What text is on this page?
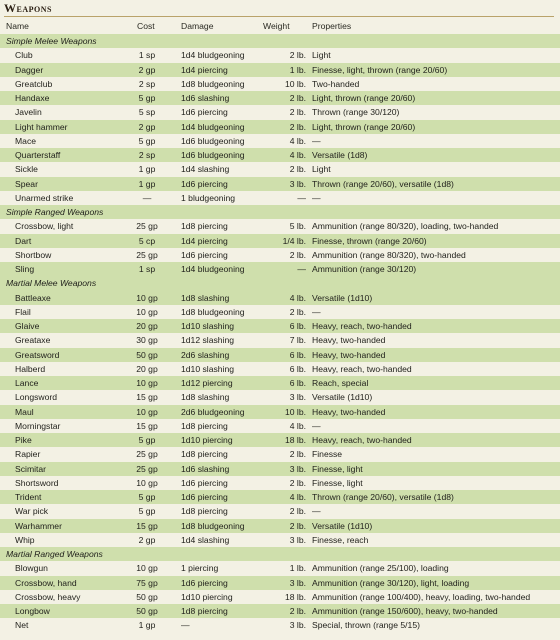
Weapons
Name	Cost	Damage	Weight	Properties
Simple Melee Weapons
Club	1 sp	1d4 bludgeoning	2 lb. Light
Dagger	2 gp	1d4 piercing	1 lb. Finesse, light, thrown (range 20/60)
Greatclub	2 sp	1d8 bludgeoning	10 lb. Two-handed
Handaxe	5 gp	1d6 slashing	2 lb. Light, thrown (range 20/60)
Javelin	5 sp	1d6 piercing	2 lb. Thrown (range 30/120)
Light hammer	2 gp	1d4 bludgeoning	2 lb. Light, thrown (range 20/60)
Mace	5 gp	1d6 bludgeoning	4 lb. —
Quarterstaff	2 sp	1d6 bludgeoning	4 lb. Versatile (1d8)
Sickle	1 gp	1d4 slashing	2 lb. Light
Spear	1 gp	1d6 piercing	3 lb. Thrown (range 20/60), versatile (1d8)
Unarmed strike	—	1 bludgeoning	— —
Simple Ranged Weapons
Crossbow, light	25 gp	1d8 piercing	5 lb. Ammunition (range 80/320), loading, two-handed
Dart	5 cp	1d4 piercing	1/4 lb. Finesse, thrown (range 20/60)
Shortbow	25 gp	1d6 piercing	2 lb. Ammunition (range 80/320), two-handed
Sling	1 sp	1d4 bludgeoning	— Ammunition (range 30/120)
Martial Melee Weapons
Battleaxe	10 gp	1d8 slashing	4 lb. Versatile (1d10)
Flail	10 gp	1d8 bludgeoning	2 lb. —
Glaive	20 gp	1d10 slashing	6 lb. Heavy, reach, two-handed
Greataxe	30 gp	1d12 slashing	7 lb. Heavy, two-handed
Greatsword	50 gp	2d6 slashing	6 lb. Heavy, two-handed
Halberd	20 gp	1d10 slashing	6 lb. Heavy, reach, two-handed
Lance	10 gp	1d12 piercing	6 lb. Reach, special
Longsword	15 gp	1d8 slashing	3 lb. Versatile (1d10)
Maul	10 gp	2d6 bludgeoning	10 lb. Heavy, two-handed
Morningstar	15 gp	1d8 piercing	4 lb. —
Pike	5 gp	1d10 piercing	18 lb. Heavy, reach, two-handed
Rapier	25 gp	1d8 piercing	2 lb. Finesse
Scimitar	25 gp	1d6 slashing	3 lb. Finesse, light
Shortsword	10 gp	1d6 piercing	2 lb. Finesse, light
Trident	5 gp	1d6 piercing	4 lb. Thrown (range 20/60), versatile (1d8)
War pick	5 gp	1d8 piercing	2 lb. —
Warhammer	15 gp	1d8 bludgeoning	2 lb. Versatile (1d10)
Whip	2 gp	1d4 slashing	3 lb. Finesse, reach
Martial Ranged Weapons
Blowgun	10 gp	1 piercing	1 lb. Ammunition (range 25/100), loading
Crossbow, hand	75 gp	1d6 piercing	3 lb. Ammunition (range 30/120), light, loading
Crossbow, heavy	50 gp	1d10 piercing	18 lb. Ammunition (range 100/400), heavy, loading, two-handed
Longbow	50 gp	1d8 piercing	2 lb. Ammunition (range 150/600), heavy, two-handed
Net	1 gp	—	3 lb. Special, thrown (range 5/15)
